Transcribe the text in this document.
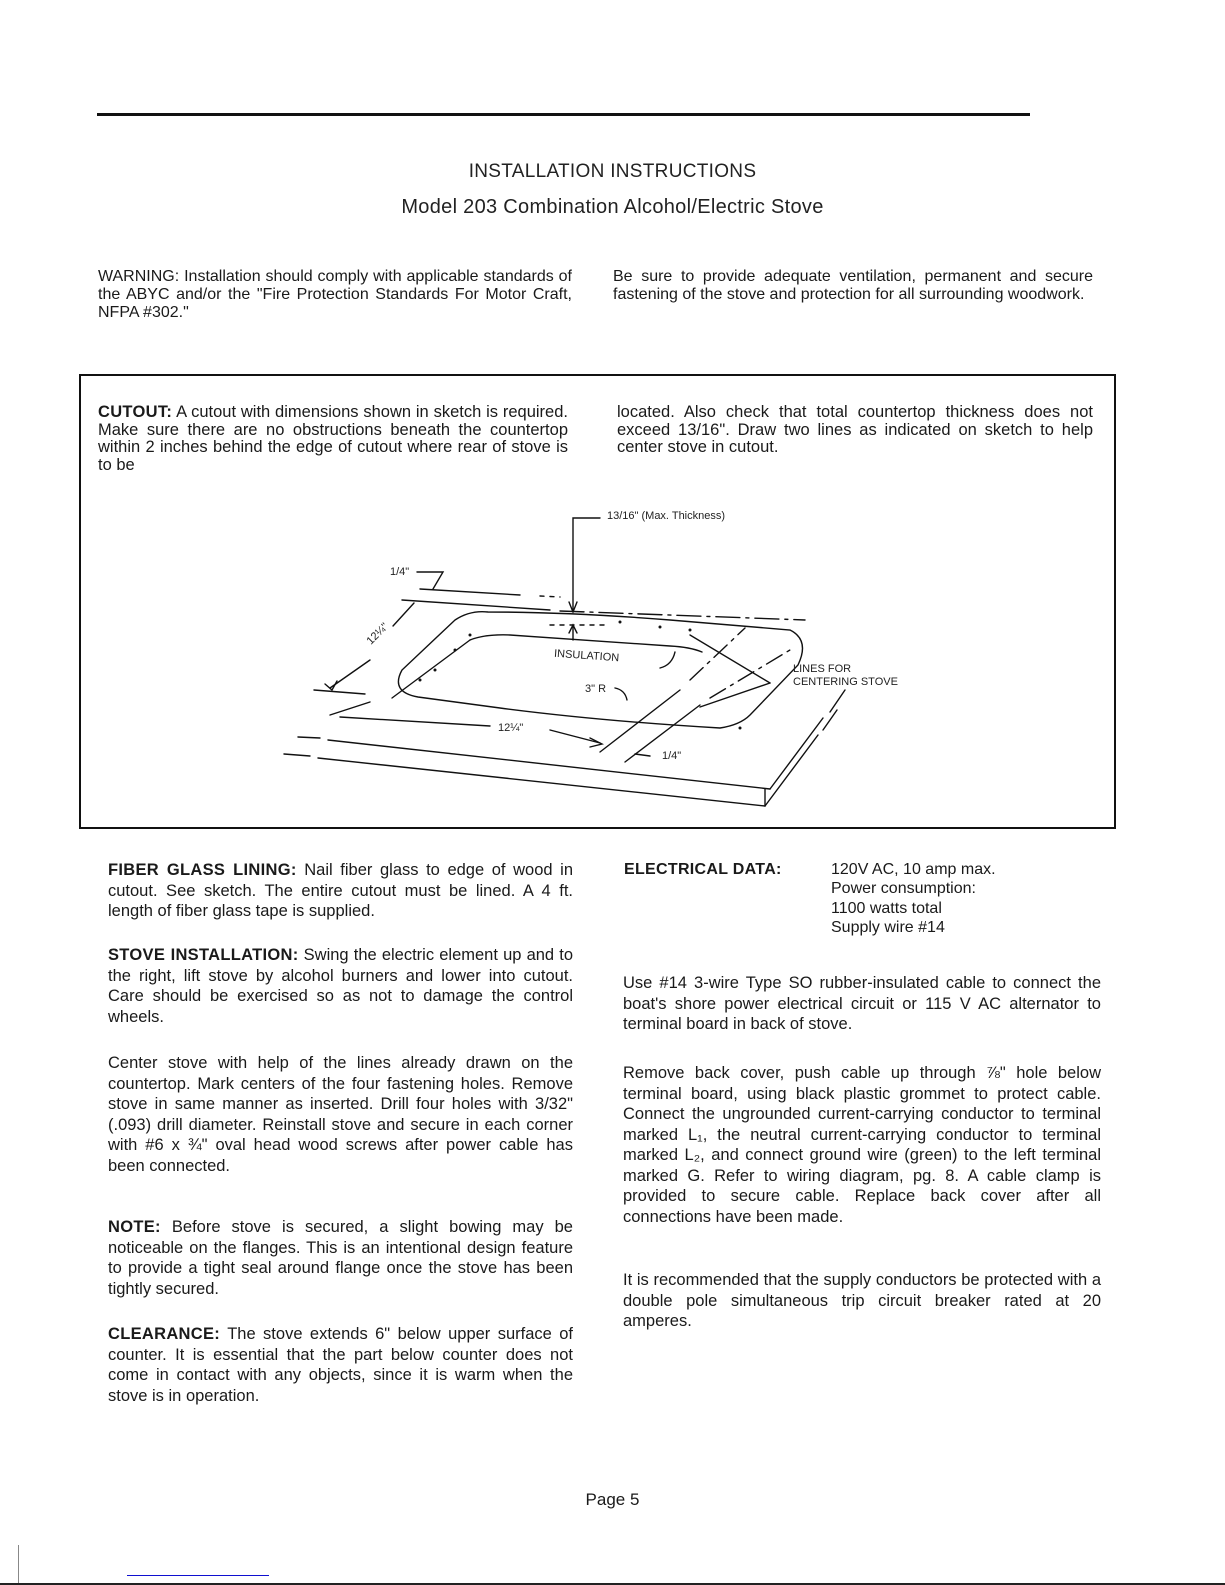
INSTALLATION INSTRUCTIONS
Model 203 Combination Alcohol/Electric Stove
WARNING: Installation should comply with applicable standards of the ABYC and/or the "Fire Protection Standards For Motor Craft, NFPA #302."
Be sure to provide adequate ventilation, permanent and secure fastening of the stove and protection for all surrounding woodwork.
CUTOUT: A cutout with dimensions shown in sketch is required. Make sure there are no obstructions beneath the countertop within 2 inches behind the edge of cutout where rear of stove is to be
located. Also check that total countertop thickness does not exceed 13/16". Draw two lines as indicated on sketch to help center stove in cutout.
13/16" (Max. Thickness)
1/4"
12¼"
INSULATION
3" R
12¼"
1/4"
LINES FOR
CENTERING STOVE
FIBER GLASS LINING: Nail fiber glass to edge of wood in cutout. See sketch. The entire cutout must be lined. A 4 ft. length of fiber glass tape is supplied.
STOVE INSTALLATION: Swing the electric element up and to the right, lift stove by alcohol burners and lower into cutout. Care should be exercised so as not to damage the control wheels.
Center stove with help of the lines already drawn on the countertop. Mark centers of the four fastening holes. Remove stove in same manner as inserted. Drill four holes with 3/32" (.093) drill diameter. Reinstall stove and secure in each corner with #6 x ¾" oval head wood screws after power cable has been connected.
NOTE: Before stove is secured, a slight bowing may be noticeable on the flanges. This is an intentional design feature to provide a tight seal around flange once the stove has been tightly secured.
CLEARANCE: The stove extends 6" below upper surface of counter. It is essential that the part below counter does not come in contact with any objects, since it is warm when the stove is in operation.
ELECTRICAL DATA:	120V AC, 10 amp max.
Power consumption:
1100 watts total
Supply wire #14
Use #14 3-wire Type SO rubber-insulated cable to connect the boat's shore power electrical circuit or 115 V AC alternator to terminal board in back of stove.
Remove back cover, push cable up through ⅞" hole below terminal board, using black plastic grommet to protect cable. Connect the ungrounded current-carrying conductor to terminal marked L₁, the neutral current-carrying conductor to terminal marked L₂, and connect ground wire (green) to the left terminal marked G. Refer to wiring diagram, pg. 8. A cable clamp is provided to secure cable. Replace back cover after all connections have been made.
It is recommended that the supply conductors be protected with a double pole simultaneous trip circuit breaker rated at 20 amperes.
Page 5
